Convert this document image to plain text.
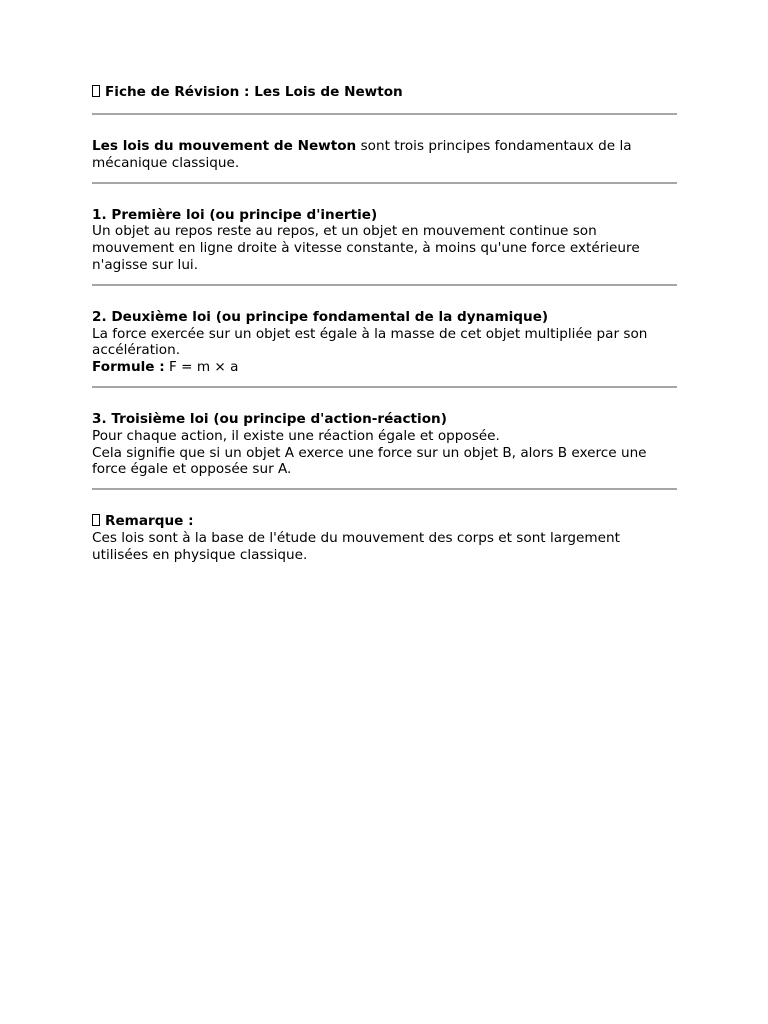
Fiche de Révision : Les Lois de Newton

Les lois du mouvement de Newton sont trois principes fondamentaux de la mécanique classique.

1. Première loi (ou principe d'inertie)

Un objet au repos reste au repos, et un objet en mouvement continue son mouvement en ligne droite à vitesse constante, à moins qu'une force extérieure n'agisse sur lui.

2. Deuxième loi (ou principe fondamental de la dynamique)

La force exercée sur un objet est égale à la masse de cet objet multipliée par son accélération.

Formule : F = m × a

3. Troisième loi (ou principe d'action-réaction)

Pour chaque action, il existe une réaction égale et opposée.

Cela signifie que si un objet A exerce une force sur un objet B, alors B exerce une force égale et opposée sur A.

Remarque :

Ces lois sont à la base de l'étude du mouvement des corps et sont largement utilisées en physique classique.
